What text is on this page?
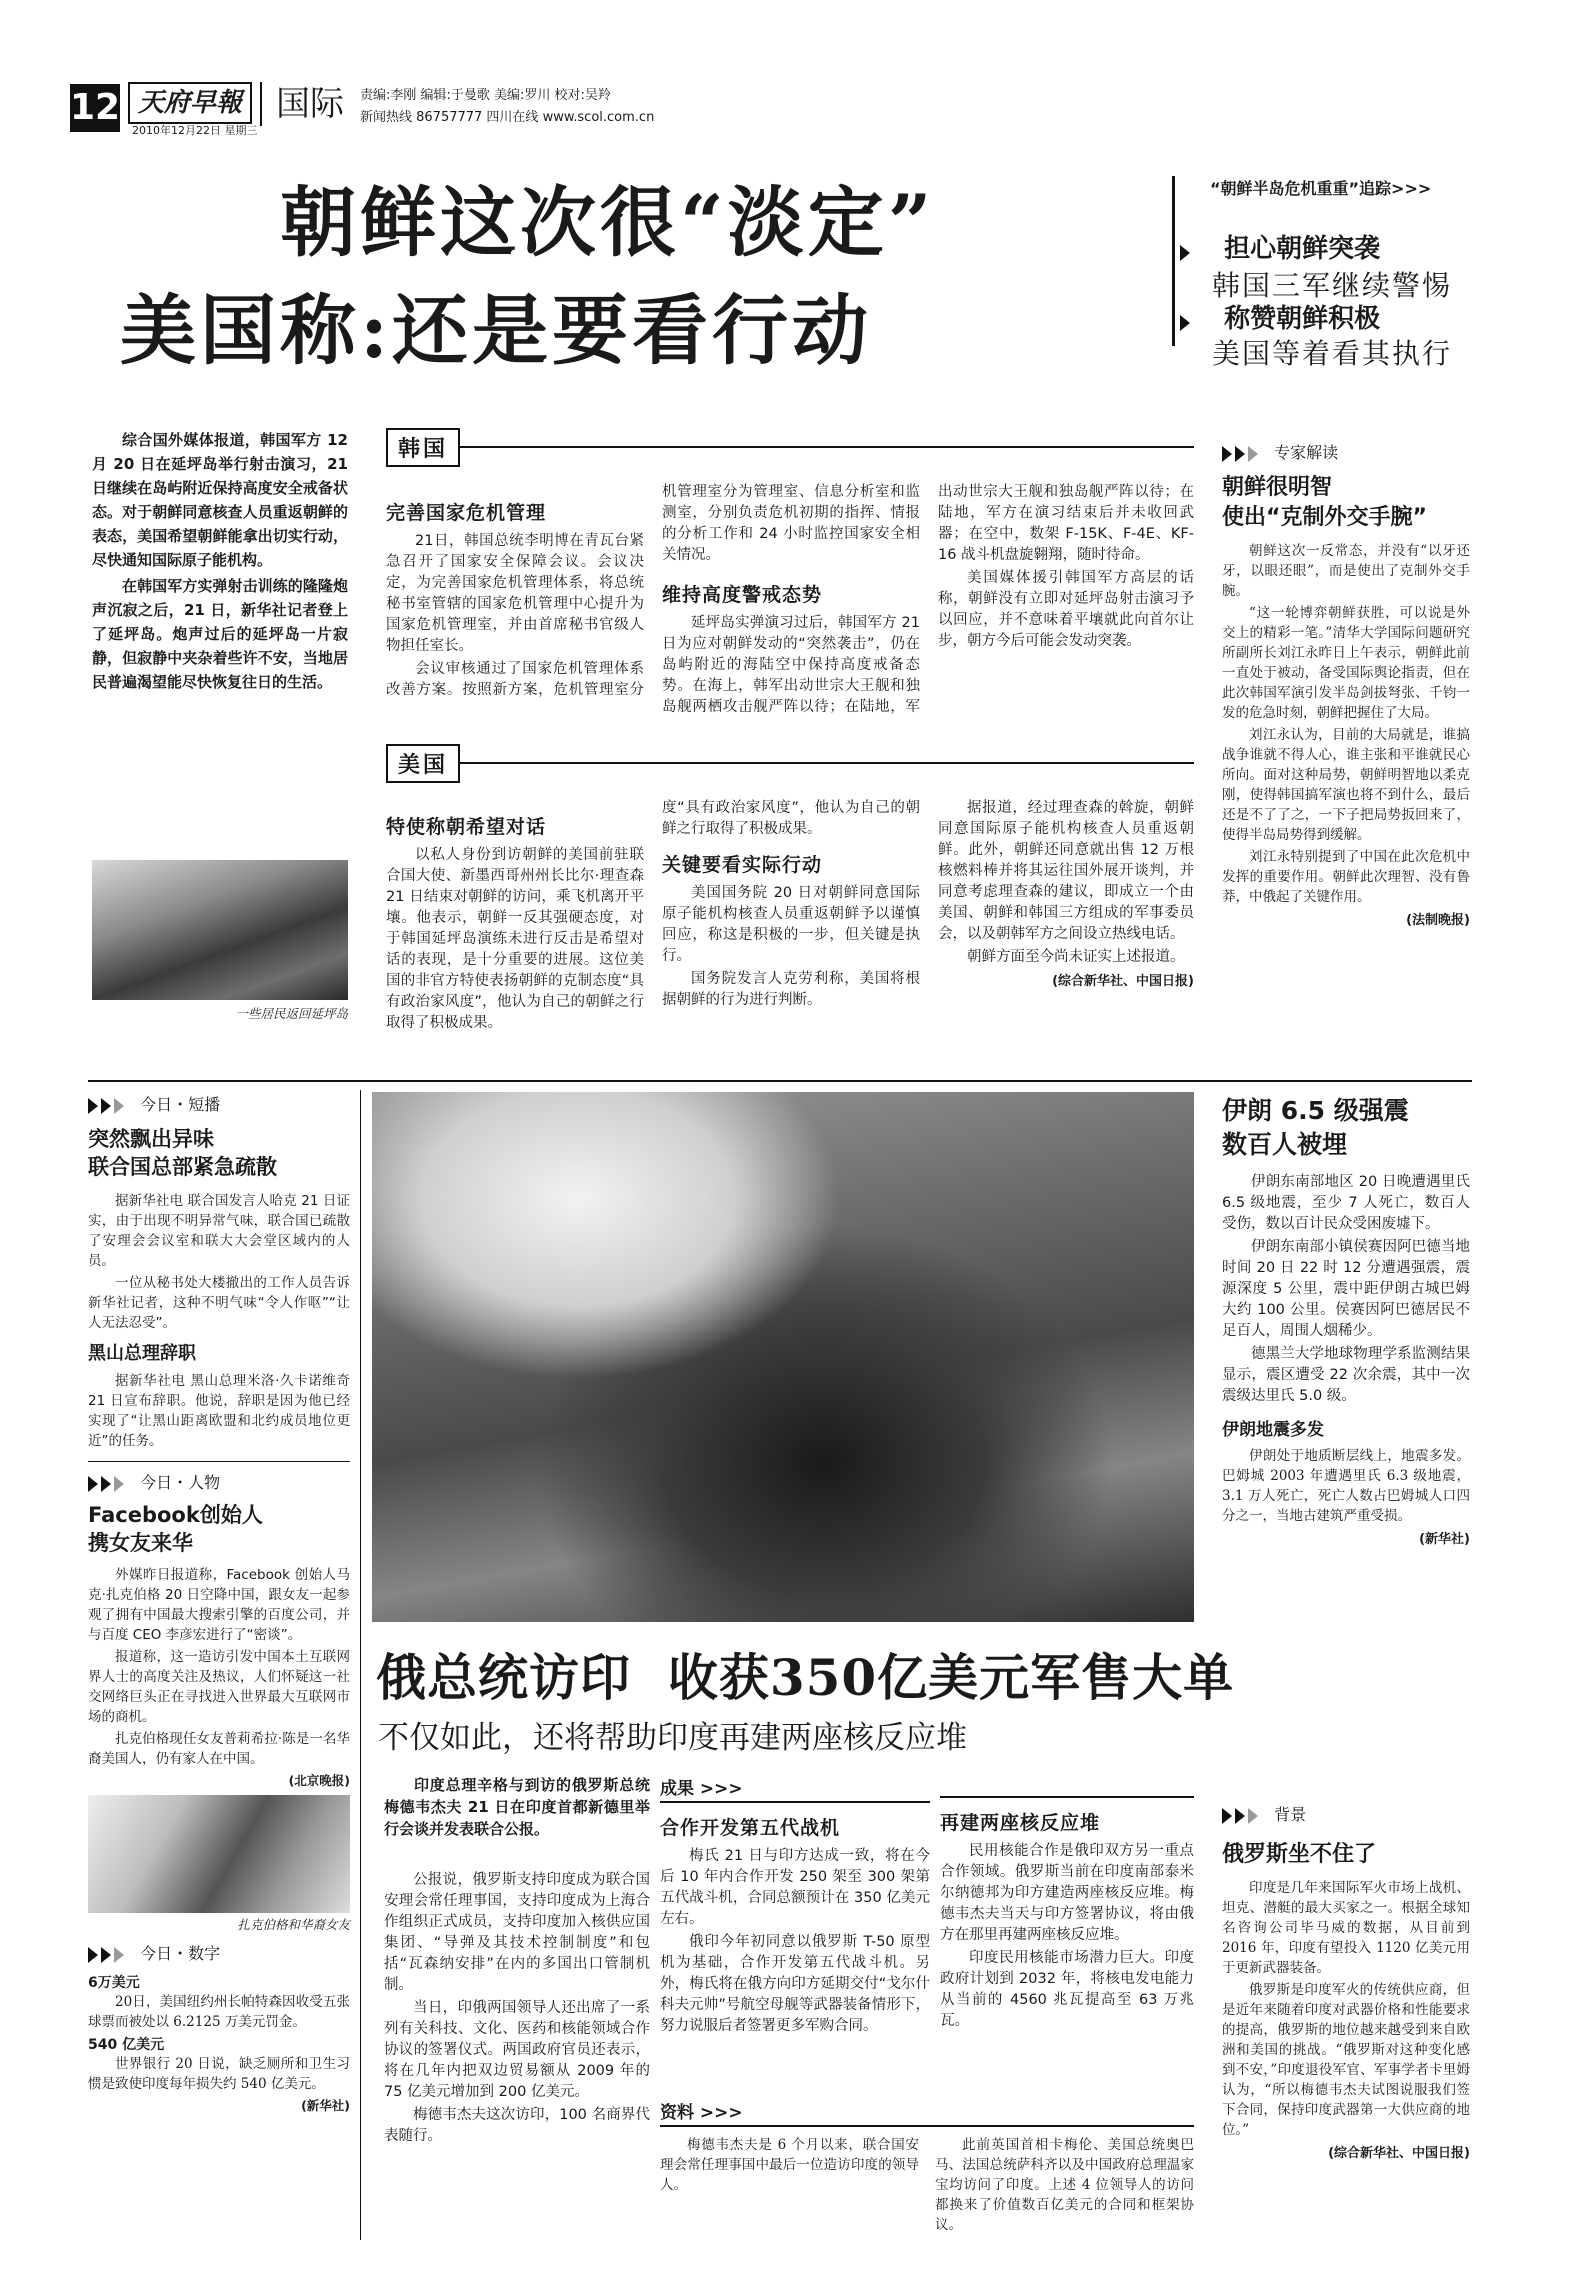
12 天府早報
2010年12月22日 星期三
国际 责编:李刚 编辑:于曼歌 美编:罗川 校对:吴羚
新闻热线 86757777 四川在线 www.scol.com.cn
朝鲜这次很“淡定”
美国称:还是要看行动
“朝鲜半岛危机重重”追踪>>>
担心朝鲜突袭
韩国三军继续警惕
称赞朝鲜积极
美国等着看其执行

综合国外媒体报道，韩国军方 12 月 20 日在延坪岛举行射击演习，21 日继续在岛屿附近保持高度安全戒备状态。对于朝鲜同意核查人员重返朝鲜的表态，美国希望朝鲜能拿出切实行动，尽快通知国际原子能机构。

在韩国军方实弹射击训练的隆隆炮声沉寂之后，21 日，新华社记者登上了延坪岛。炮声过后的延坪岛一片寂静，但寂静中夹杂着些许不安，当地居民普遍渴望能尽快恢复往日的生活。

一些居民返回延坪岛
韩国
完善国家危机管理

21日，韩国总统李明博在青瓦台紧急召开了国家安全保障会议。会议决定，为完善国家危机管理体系，将总统秘书室管辖的国家危机管理中心提升为国家危机管理室，并由首席秘书官级人物担任室长。

会议审核通过了国家危机管理体系改善方案。按照新方案，危机管理室分

机管理室分为管理室、信息分析室和监测室，分别负责危机初期的指挥、情报的分析工作和 24 小时监控国家安全相关情况。

维持高度警戒态势

延坪岛实弹演习过后，韩国军方 21 日为应对朝鲜发动的“突然袭击”，仍在岛屿附近的海陆空中保持高度戒备态势。在海上，韩军出动世宗大王舰和独岛舰两栖攻击舰严阵以待；在陆地，军

出动世宗大王舰和独岛舰严阵以待；在陆地，军方在演习结束后并未收回武器；在空中，数架 F-15K、F-4E、KF-16 战斗机盘旋翱翔，随时待命。

美国媒体援引韩国军方高层的话称，朝鲜没有立即对延坪岛射击演习予以回应，并不意味着平壤就此向首尔让步，朝方今后可能会发动突袭。

美国
特使称朝希望对话

以私人身份到访朝鲜的美国前驻联合国大使、新墨西哥州州长比尔·理查森 21 日结束对朝鲜的访问，乘飞机离开平壤。他表示，朝鲜一反其强硬态度，对于韩国延坪岛演练未进行反击是希望对话的表现，是十分重要的进展。这位美国的非官方特使表扬朝鲜的克制态度“具有政治家风度”，他认为自己的朝鲜之行取得了积极成果。

度“具有政治家风度”，他认为自己的朝鲜之行取得了积极成果。

关键要看实际行动

美国国务院 20 日对朝鲜同意国际原子能机构核查人员重返朝鲜予以谨慎回应，称这是积极的一步，但关键是执行。

国务院发言人克劳利称，美国将根据朝鲜的行为进行判断。

据报道，经过理查森的斡旋，朝鲜同意国际原子能机构核查人员重返朝鲜。此外，朝鲜还同意就出售 12 万根核燃料棒并将其运往国外展开谈判，并同意考虑理查森的建议，即成立一个由美国、朝鲜和韩国三方组成的军事委员会，以及朝韩军方之间设立热线电话。

朝鲜方面至今尚未证实上述报道。

(综合新华社、中国日报)
专家解读
朝鲜很明智
使出“克制外交手腕”

朝鲜这次一反常态，并没有“以牙还牙，以眼还眼”，而是使出了克制外交手腕。

“这一轮博弈朝鲜获胜，可以说是外交上的精彩一笔。”清华大学国际问题研究所副所长刘江永昨日上午表示，朝鲜此前一直处于被动，备受国际舆论指责，但在此次韩国军演引发半岛剑拔弩张、千钧一发的危急时刻，朝鲜把握住了大局。

刘江永认为，目前的大局就是，谁搞战争谁就不得人心，谁主张和平谁就民心所向。面对这种局势，朝鲜明智地以柔克刚，使得韩国搞军演也将不到什么，最后还是不了了之，一下子把局势扳回来了，使得半岛局势得到缓解。

刘江永特别提到了中国在此次危机中发挥的重要作用。朝鲜此次理智、没有鲁莽，中俄起了关键作用。

(法制晚报)
今日・短播
突然飘出异味
联合国总部紧急疏散

据新华社电 联合国发言人哈克 21 日证实，由于出现不明异常气味，联合国已疏散了安理会会议室和联大大会堂区域内的人员。

一位从秘书处大楼撤出的工作人员告诉新华社记者，这种不明气味“令人作呕”“让人无法忍受”。

黑山总理辞职

据新华社电 黑山总理米洛·久卡诺维奇 21 日宣布辞职。他说，辞职是因为他已经实现了“让黑山距离欧盟和北约成员地位更近”的任务。

今日・人物
Facebook创始人
携女友来华

外媒昨日报道称，Facebook 创始人马克·扎克伯格 20 日空降中国，跟女友一起参观了拥有中国最大搜索引擎的百度公司，并与百度 CEO 李彦宏进行了“密谈”。

报道称，这一造访引发中国本土互联网界人士的高度关注及热议，人们怀疑这一社交网络巨头正在寻找进入世界最大互联网市场的商机。

扎克伯格现任女友普莉希拉·陈是一名华裔美国人，仍有家人在中国。

(北京晚报)
扎克伯格和华裔女友
今日・数字
6万美元

20日，美国纽约州长帕特森因收受五张球票而被处以 6.2125 万美元罚金。

540 亿美元

世界银行 20 日说，缺乏厕所和卫生习惯是致使印度每年损失约 540 亿美元。

(新华社)
伊朗 6.5 级强震
数百人被埋

伊朗东南部地区 20 日晚遭遇里氏 6.5 级地震，至少 7 人死亡，数百人受伤，数以百计民众受困废墟下。

伊朗东南部小镇侯赛因阿巴德当地时间 20 日 22 时 12 分遭遇强震，震源深度 5 公里，震中距伊朗古城巴姆大约 100 公里。侯赛因阿巴德居民不足百人，周围人烟稀少。

德黑兰大学地球物理学系监测结果显示，震区遭受 22 次余震，其中一次震级达里氏 5.0 级。

伊朗地震多发

伊朗处于地质断层线上，地震多发。巴姆城 2003 年遭遇里氏 6.3 级地震，3.1 万人死亡，死亡人数占巴姆城人口四分之一，当地古建筑严重受损。

(新华社)
俄总统访印  收获350亿美元军售大单
不仅如此，还将帮助印度再建两座核反应堆

印度总理辛格与到访的俄罗斯总统梅德韦杰夫 21 日在印度首都新德里举行会谈并发表联合公报。

公报说，俄罗斯支持印度成为联合国安理会常任理事国，支持印度成为上海合作组织正式成员，支持印度加入核供应国集团、“导弹及其技术控制制度”和包括“瓦森纳安排”在内的多国出口管制机制。

当日，印俄两国领导人还出席了一系列有关科技、文化、医药和核能领域合作协议的签署仪式。两国政府官员还表示，将在几年内把双边贸易额从 2009 年的 75 亿美元增加到 200 亿美元。

梅德韦杰夫这次访印，100 名商界代表随行。

成果 >>>
合作开发第五代战机

梅氏 21 日与印方达成一致，将在今后 10 年内合作开发 250 架至 300 架第五代战斗机，合同总额预计在 350 亿美元左右。

俄印今年初同意以俄罗斯 T-50 原型机为基础，合作开发第五代战斗机。另外，梅氏将在俄方向印方延期交付“戈尔什科夫元帅”号航空母舰等武器装备情形下，努力说服后者签署更多军购合同。

再建两座核反应堆

民用核能合作是俄印双方另一重点合作领域。俄罗斯当前在印度南部泰米尔纳德邦为印方建造两座核反应堆。梅德韦杰夫当天与印方签署协议，将由俄方在那里再建两座核反应堆。

印度民用核能市场潜力巨大。印度政府计划到 2032 年，将核电发电能力从当前的 4560 兆瓦提高至 63 万兆瓦。

资料 >>>

梅德韦杰夫是 6 个月以来，联合国安理会常任理事国中最后一位造访印度的领导人。

此前英国首相卡梅伦、美国总统奥巴马、法国总统萨科齐以及中国政府总理温家宝均访问了印度。上述 4 位领导人的访问都换来了价值数百亿美元的合同和框架协议。

背景
俄罗斯坐不住了

印度是几年来国际军火市场上战机、坦克、潜艇的最大买家之一。根据全球知名咨询公司毕马威的数据，从目前到 2016 年，印度有望投入 1120 亿美元用于更新武器装备。

俄罗斯是印度军火的传统供应商，但是近年来随着印度对武器价格和性能要求的提高，俄罗斯的地位越来越受到来自欧洲和美国的挑战。“俄罗斯对这种变化感到不安，”印度退役军官、军事学者卡里姆认为，“所以梅德韦杰夫试图说服我们签下合同，保持印度武器第一大供应商的地位。”

(综合新华社、中国日报)
